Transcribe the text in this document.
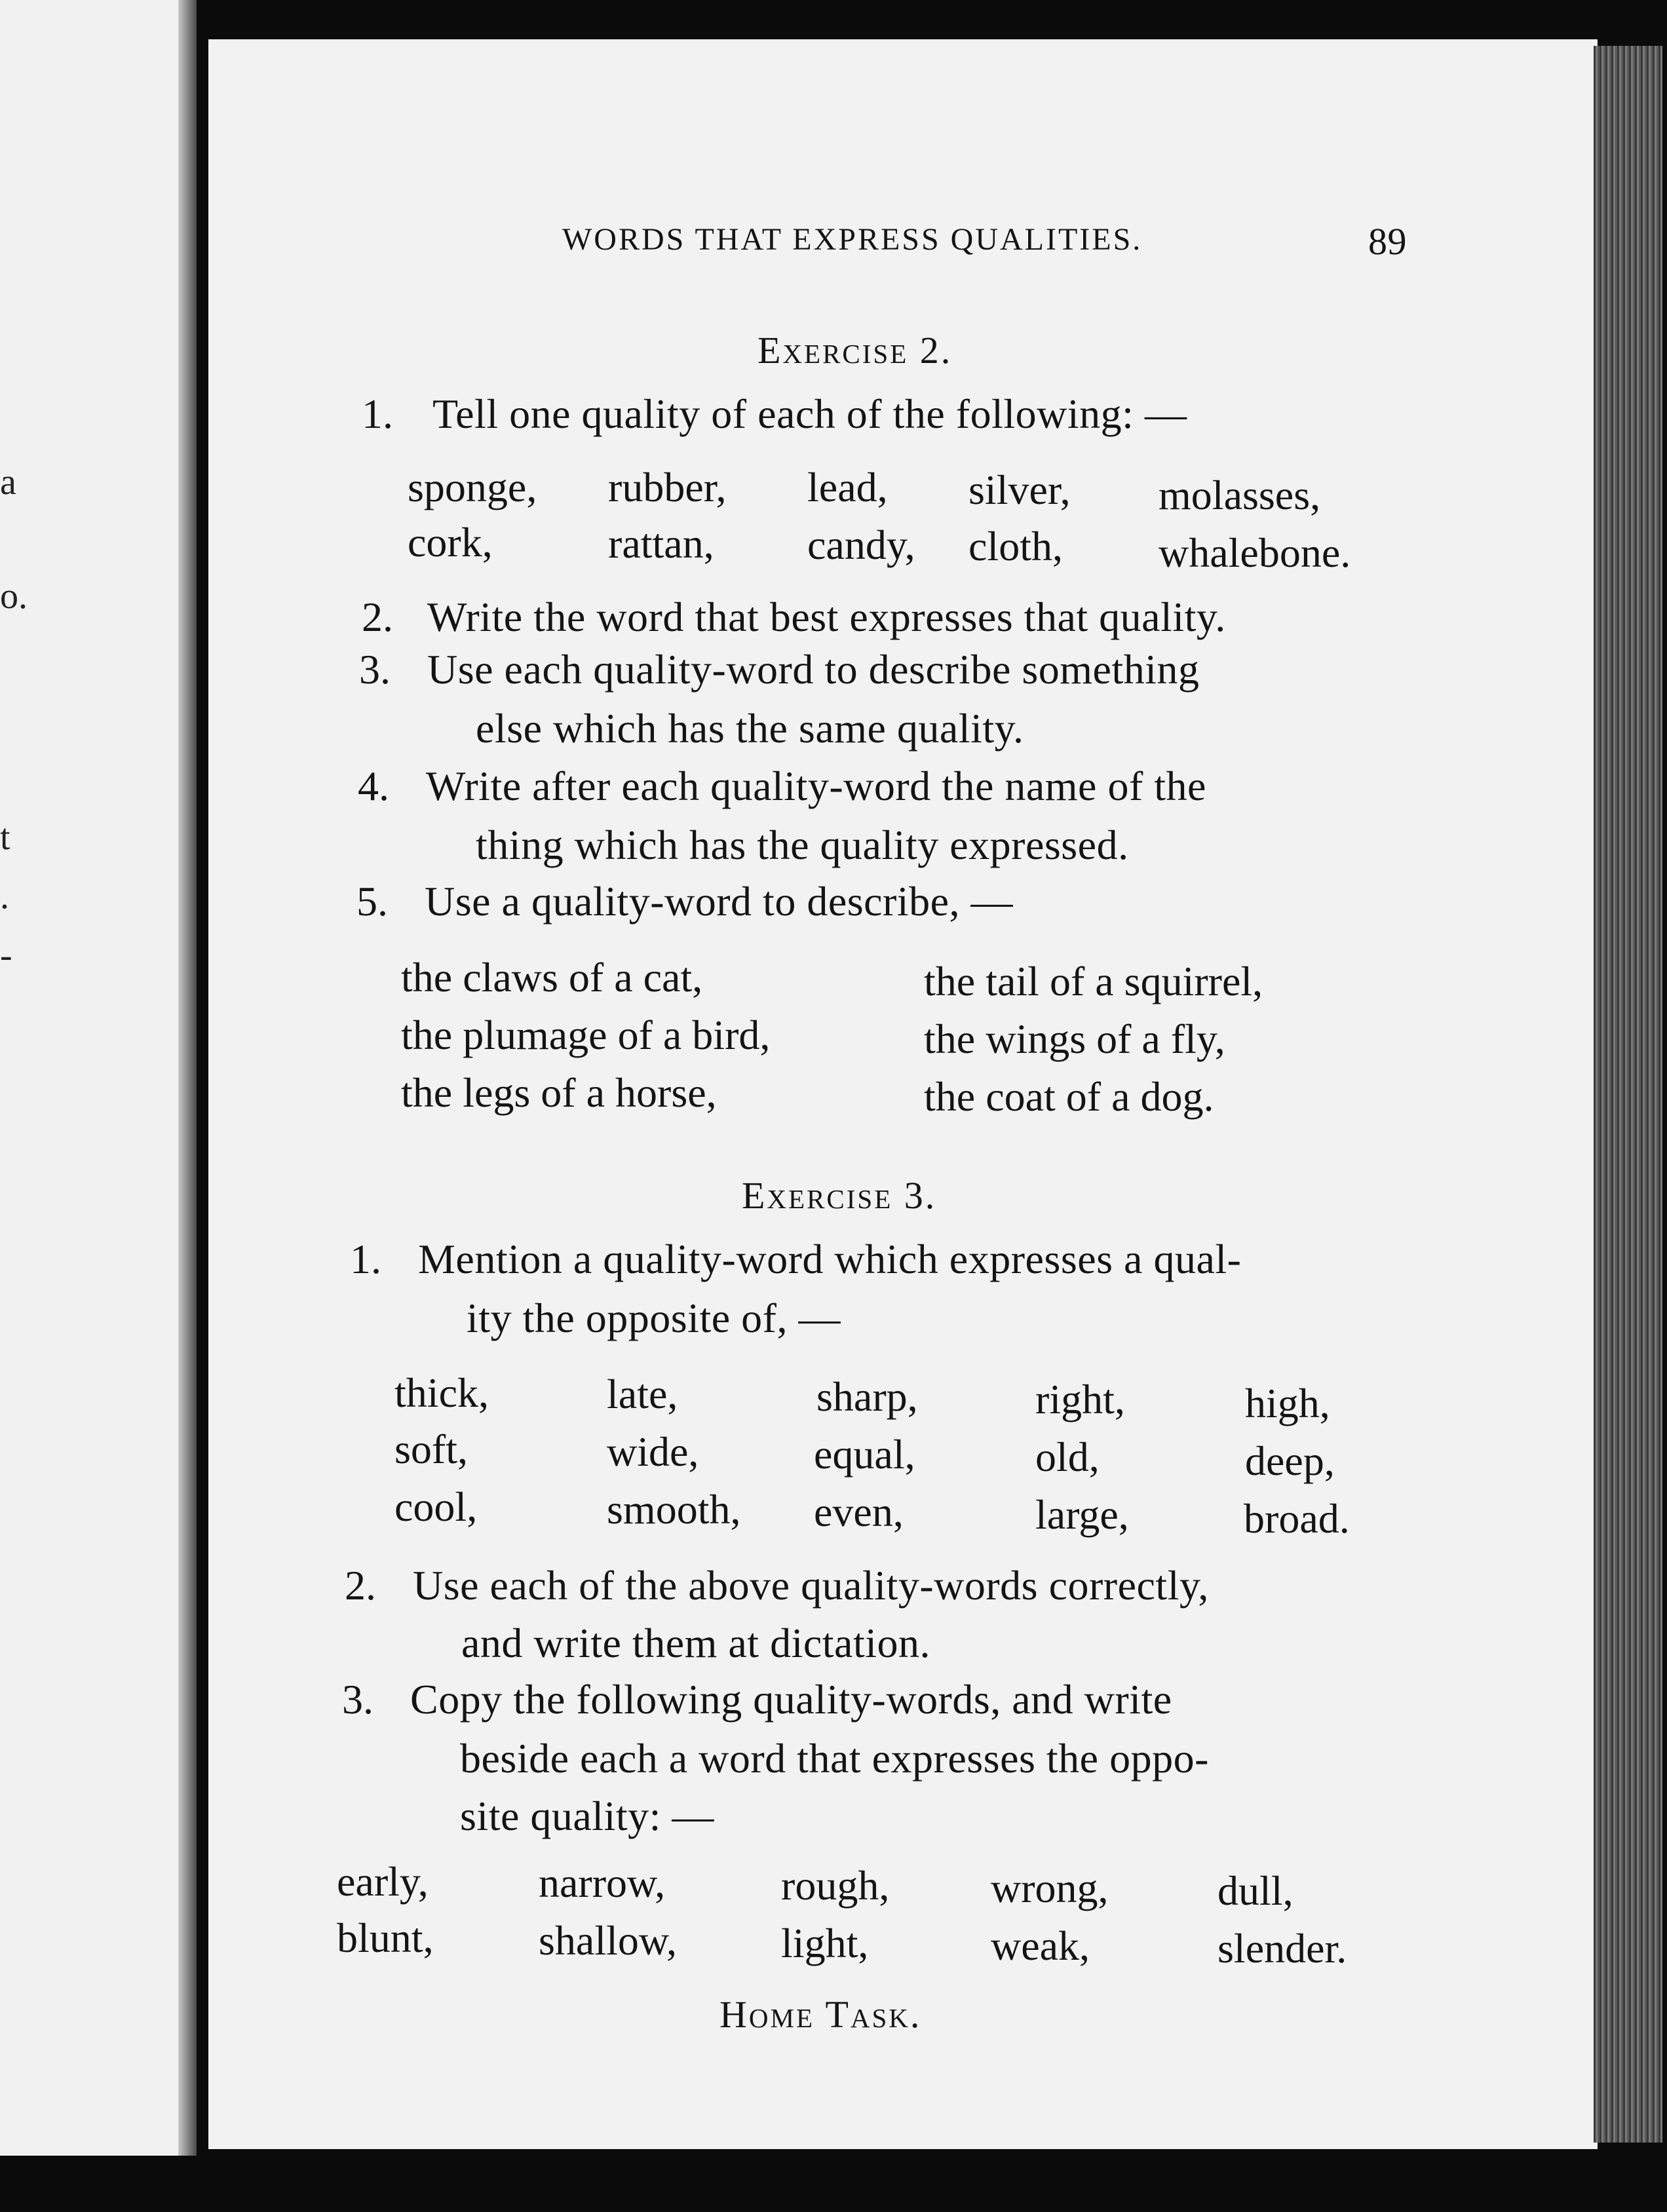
a
o.
t
.
-
WORDS THAT EXPRESS QUALITIES.	89
Exercise 2.
1. Tell one quality of each of the following: —
sponge, rubber, lead, silver, molasses,
cork,	rattan, candy, cloth, whalebone.
2. Write the word that best expresses that quality.
3. Use each quality-word to describe something
else which has the same quality.
4. Write after each quality-word the name of the
thing which has the quality expressed.
5. Use a quality-word to describe, —
the claws of a cat,	the tail of a squirrel,
the plumage of a bird,	the wings of a fly,
the legs of a horse,	the coat of a dog.
Exercise 3.
1. Mention a quality-word which expresses a qual-
ity the opposite of, —
thick,	late,	sharp,	right,	high,
soft,	wide,	equal,	old,	deep,
cool,	smooth, even,	large,	broad.
2. Use each of the above quality-words correctly,
and write them at dictation.
3. Copy the following quality-words, and write
beside each a word that expresses the oppo-
site quality: —
early,	narrow,	rough, wrong,	dull,
blunt,	shallow, light,	weak,	slender.
Home Task.
